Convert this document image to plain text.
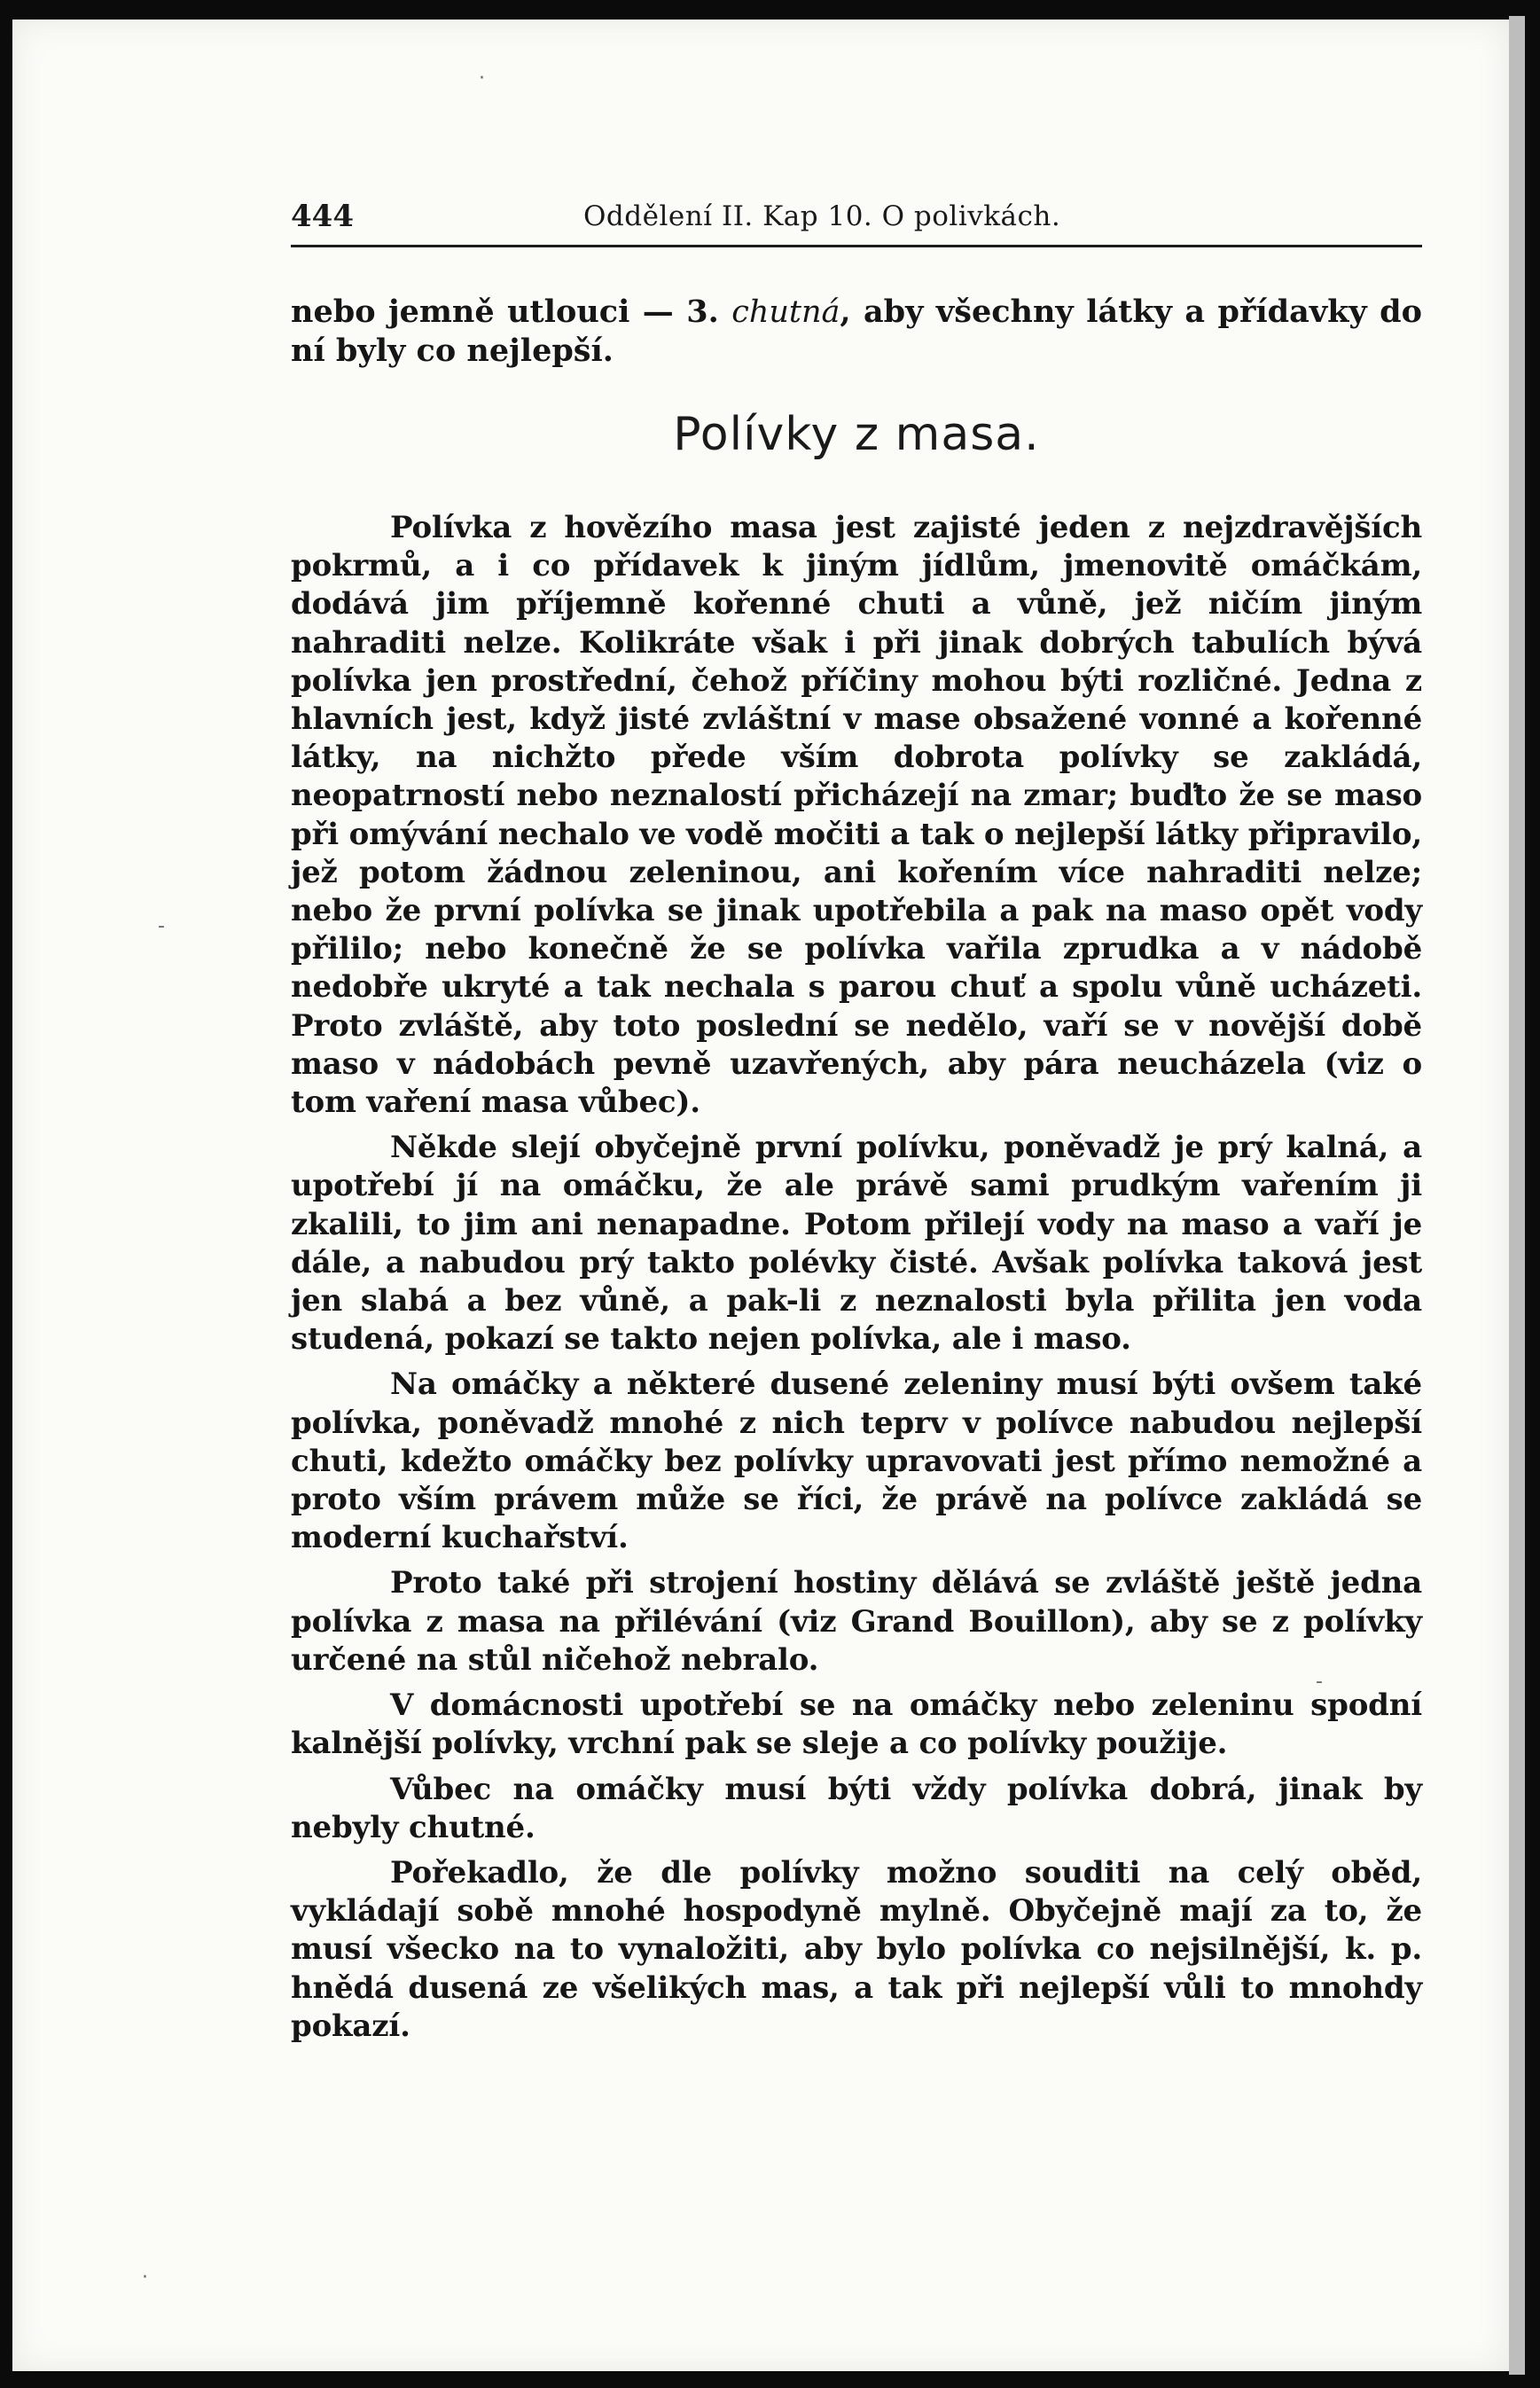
444	Oddělení II. Kap 10. O polivkách.

nebo jemně utlouci — 3. chutná, aby všechny látky a přídavky do ní byly co nejlepší.

Polívky z masa.

Polívka z hovězího masa jest zajisté jeden z nejzdravějších pokrmů, a i co přídavek k jiným jídlům, jmenovitě omáčkám, dodává jim příjemně kořenné chuti a vůně, jež ničím jiným nahraditi nelze. Kolikráte však i při jinak dobrých tabulích bývá polívka jen prostřední, čehož příčiny mohou býti rozličné. Jedna z hlavních jest, když jisté zvláštní v mase obsažené vonné a kořenné látky, na nichžto přede vším dobrota polívky se zakládá, neopatrností nebo neznalostí přicházejí na zmar; buďto že se maso při omývání nechalo ve vodě močiti a tak o nejlepší látky připravilo, jež potom žádnou zeleninou, ani kořením více nahraditi nelze; nebo že první polívka se jinak upotřebila a pak na maso opět vody přililo; nebo konečně že se polívka vařila zprudka a v nádobě nedobře ukryté a tak nechala s parou chuť a spolu vůně ucházeti. Proto zvláště, aby toto poslední se nedělo, vaří se v novější době maso v nádobách pevně uzavřených, aby pára neucházela (viz o tom vaření masa vůbec).

Někde slejí obyčejně první polívku, poněvadž je prý kalná, a upotřebí jí na omáčku, že ale právě sami prudkým vařením ji zkalili, to jim ani nenapadne. Potom přilejí vody na maso a vaří je dále, a nabudou prý takto polévky čisté. Avšak polívka taková jest jen slabá a bez vůně, a pak-li z neznalosti byla přilita jen voda studená, pokazí se takto nejen polívka, ale i maso.

Na omáčky a některé dusené zeleniny musí býti ovšem také polívka, poněvadž mnohé z nich teprv v polívce nabudou nejlepší chuti, kdežto omáčky bez polívky upravovati jest přímo nemožné a proto vším právem může se říci, že právě na polívce zakládá se moderní kuchařství.

Proto také při strojení hostiny dělává se zvláště ještě jedna polívka z masa na přilévání (viz Grand Bouillon), aby se z polívky určené na stůl ničehož nebralo.

V domácnosti upotřebí se na omáčky nebo zeleninu spodní kalnější polívky, vrchní pak se sleje a co polívky použije.

Vůbec na omáčky musí býti vždy polívka dobrá, jinak by nebyly chutné.

Pořekadlo, že dle polívky možno souditi na celý oběd, vykládají sobě mnohé hospodyně mylně. Obyčejně mají za to, že musí všecko na to vynaložiti, aby bylo polívka co nejsilnější, k. p. hnědá dusená ze všelikých mas, a tak při nejlepší vůli to mnohdy pokazí.

-
-
·
·
